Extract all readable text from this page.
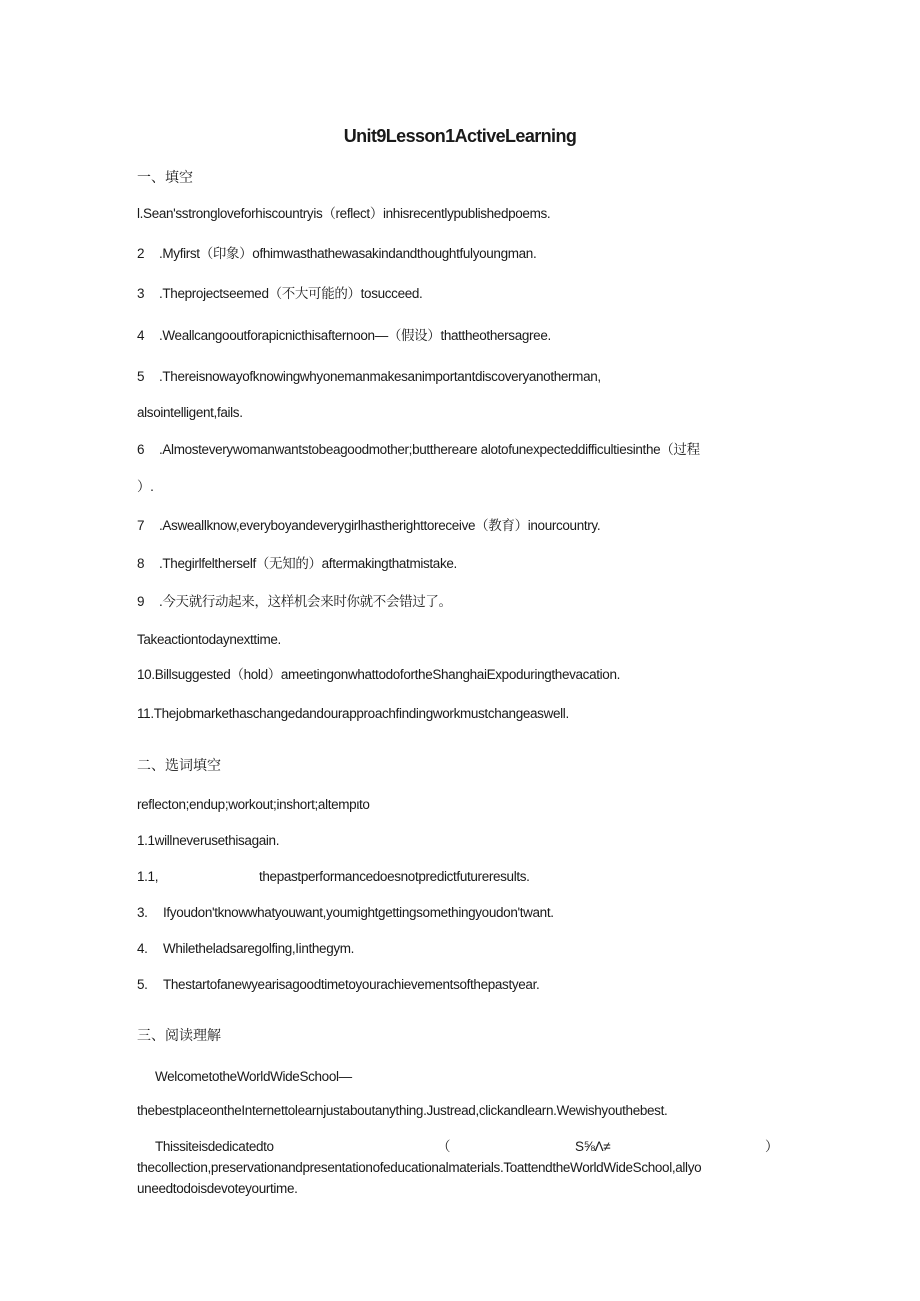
Unit9Lesson1ActiveLearning
一、填空
l.Sean'sstrongloveforhiscountryis（reflect）inhisrecentlypublishedpoems.
2 .Myfirst（印象）ofhimwasthathewasakindandthoughtfulyoungman.
3 .Theprojectseemed（不大可能的）tosucceed.
4 .Weallcangooutforapicnicthisafternoon—（假设）thattheothersagree.
5 .Thereisnowayofknowingwhyonemanmakesanimportantdiscoveryanotherman,
alsointelligent,fails.
6 .Almosteverywomanwantstobeagoodmother;butthereare alotofunexpecteddifficultiesinthe（过程
）.
7 .Asweallknow,everyboyandeverygirlhastherighttoreceive（教育）inourcountry.
8 .Thegirlfeltherself（无知的）aftermakingthatmistake.
9 .今天就行动起来，这样机会来时你就不会错过了。
Takeactiontodaynexttime.
10.Billsuggested（hold）ameetingonwhattodofortheShanghaiExpoduringthevacation.
11.Thejobmarkethaschangedandourapproachfindingworkmustchangeaswell.
二、选词填空
reflecton;endup;workout;inshort;altempιto
1.1willneverusethisagain.
1.1,	thepastperformancedoesnotpredictfutureresults.
3. Ifyoudon'tknowwhatyouwant,youmightgettingsomethingyoudon'twant.
4. Whiletheladsaregolfing,Iinthegym.
5. Thestartofanewyearisagoodtimetoyourachievementsofthepastyear.
三、阅读理解
WelcometotheWorldWideSchool—
thebestplaceontheInternettolearnjustaboutanything.Justread,clickandlearn.Wewishyouthebest.
Thissiteisdedicatedto	（	S⅝Λ≠	）
thecollection,preservationandpresentationofeducationalmaterials.ToattendtheWorldWideSchool,allyo
uneedtodoisdevoteyourtime.
